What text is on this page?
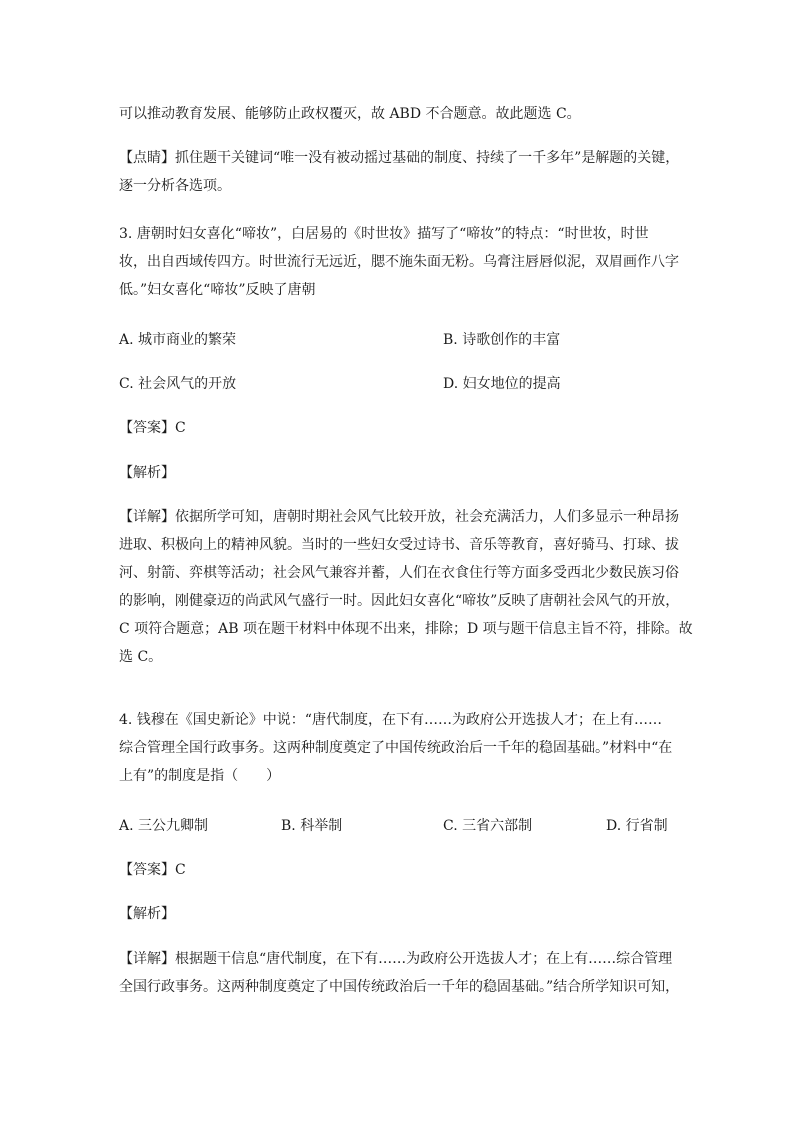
可以推动教育发展、能够防止政权覆灭，故 ABD 不合题意。故此题选 C。
【点睛】抓住题干关键词“唯一没有被动摇过基础的制度、持续了一千多年”是解题的关键，
逐一分析各选项。
3. 唐朝时妇女喜化“啼妆”，白居易的《时世妆》描写了“啼妆”的特点：“时世妆，时世
妆，出自西域传四方。时世流行无远近，腮不施朱面无粉。乌膏注唇唇似泥，双眉画作八字
低。”妇女喜化“啼妆”反映了唐朝
A. 城市商业的繁荣	B. 诗歌创作的丰富
C. 社会风气的开放	D. 妇女地位的提高
【答案】C
【解析】
【详解】依据所学可知，唐朝时期社会风气比较开放，社会充满活力，人们多显示一种昂扬
进取、积极向上的精神风貌。当时的一些妇女受过诗书、音乐等教育，喜好骑马、打球、拔
河、射箭、弈棋等活动；社会风气兼容并蓄，人们在衣食住行等方面多受西北少数民族习俗
的影响，刚健豪迈的尚武风气盛行一时。因此妇女喜化“啼妆”反映了唐朝社会风气的开放，
C 项符合题意；AB 项在题干材料中体现不出来，排除；D 项与题干信息主旨不符，排除。故
选 C。
4. 钱穆在《国史新论》中说：“唐代制度，在下有……为政府公开选拔人才；在上有……
综合管理全国行政事务。这两种制度奠定了中国传统政治后一千年的稳固基础。”材料中“在
上有”的制度是指（　　）
A. 三公九卿制	B. 科举制	C. 三省六部制	D. 行省制
【答案】C
【解析】
【详解】根据题干信息“唐代制度，在下有……为政府公开选拔人才；在上有……综合管理
全国行政事务。这两种制度奠定了中国传统政治后一千年的稳固基础。”结合所学知识可知，
